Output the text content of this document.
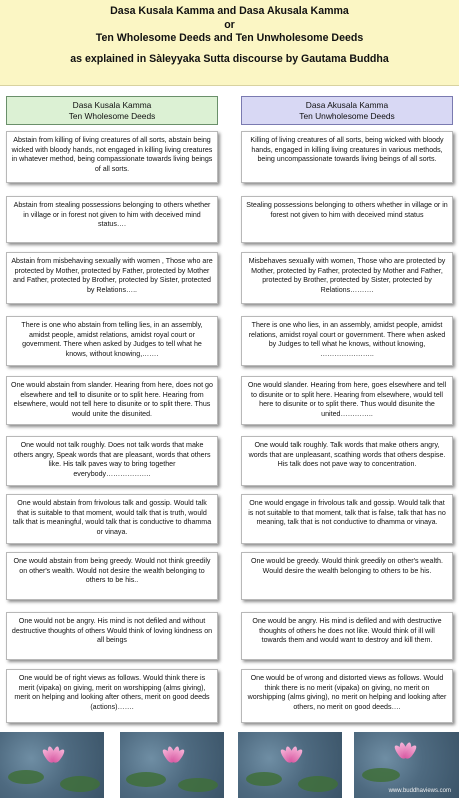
Dasa Kusala Kamma and Dasa Akusala Kamma
or
Ten Wholesome Deeds and Ten Unwholesome Deeds
as explained in Sàleyyaka Sutta discourse by Gautama Buddha
Dasa Kusala Kamma
Ten Wholesome Deeds
Abstain from killing of living creatures of all sorts, abstain being wicked with bloody hands, not engaged in killing living creatures in whatever method, being compassionate towards living beings of all sorts.
Abstain from stealing possessions belonging to others whether in village or in forest not given to him with deceived mind status….
Abstain from misbehaving sexually with women , Those who are protected by Mother, protected by Father, protected by Mother and Father, protected by Brother, protected by Sister, protected by Relations…..
There is one who abstain from telling lies, in an assembly, amidst people, amidst relations, amidst royal court or government. There when asked by Judges to tell what he knows, without knowing,…….
One would abstain from slander. Hearing from here, does not go elsewhere and tell to disunite or to split here. Hearing from elsewhere, would not tell here to disunite or to split there. Thus would unite the disunited.
One would not talk roughly. Does not talk words that make others angry, Speak words that are pleasant, words that others like. His talk paves way to bring together everybody……………….
One would abstain from frivolous talk and gossip. Would talk that is suitable to that moment, would talk that is truth, would talk that is meaningful, would talk that is conductive to dhamma or vinaya.
One would abstain from being greedy. Would not think greedily on other's wealth. Would not desire the wealth belonging to others to be his..
One would not be angry. His mind is not defiled and without destructive thoughts of others Would think of loving kindness on all beings
One would be of right views as follows. Would think there is merit (vipaka) on giving, merit on worshipping (alms giving), merit on helping and looking after others, merit on good deeds (actions)…….
Dasa Akusala Kamma
Ten Unwholesome Deeds
Killing of living creatures of all sorts, being wicked with bloody hands, engaged in killing living creatures in various methods, being uncompassionate towards living beings of all sorts.
Stealing possessions belonging to others whether in village or in forest not given to him with deceived mind status
Misbehaves sexually with women, Those who are protected by Mother, protected by Father, protected by Mother and Father, protected by Brother, protected by Sister, protected by Relations……….
There is one who lies, in an assembly, amidst people, amidst relations, amidst royal court or government. There when asked by Judges to tell what he knows, without knowing, …………………..
One would slander. Hearing from here, goes elsewhere and tell to disunite or to split here. Hearing from elsewhere, would tell here to disunite or to split there. Thus would disunite the united…………..
One would talk roughly. Talk words that make others angry, words that are unpleasant, scathing words that others despise. His talk does not pave way to concentration.
One would engage in frivolous talk and gossip. Would talk that is not suitable to that moment, talk that is false, talk that has no meaning, talk that is not conductive to dhamma or vinaya.
One would be greedy. Would think greedily on other's wealth. Would desire the wealth belonging to others to be his.
One would be angry. His mind is defiled and with destructive thoughts of others he does not like. Would think of ill will towards them and would want to destroy and kill them.
One would be of wrong and distorted views as follows. Would think there is no merit (vipaka) on giving, no merit on worshipping (alms giving), no merit on helping and looking after others, no merit on good deeds….
www.buddhaviews.com
